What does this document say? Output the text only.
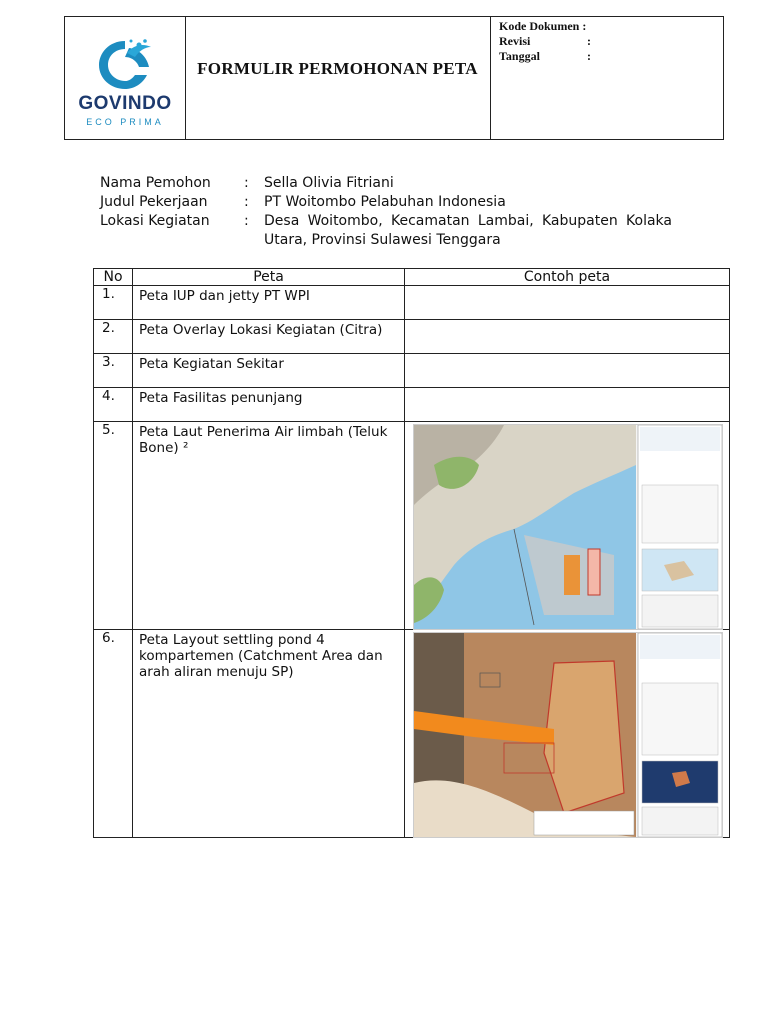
GOVINDO
ECO PRIMA
FORMULIR PERMOHONAN PETA
Kode Dokumen :
Revisi	:
Tanggal	:
Nama Pemohon	:	Sella Olivia Fitriani
Judul Pekerjaan	:	PT Woitombo Pelabuhan Indonesia
Lokasi Kegiatan	:	Desa Woitombo, Kecamatan Lambai, Kabupaten Kolaka Utara, Provinsi Sulawesi Tenggara
No	Peta	Contoh peta
1.	Peta IUP dan jetty PT WPI	
2.	Peta Overlay Lokasi Kegiatan (Citra)	
3.	Peta Kegiatan Sekitar	
4.	Peta Fasilitas penunjang	
5.	Peta Laut Penerima Air limbah (Teluk Bone) ²	

6.	Peta Layout settling pond 4 kompartemen (Catchment Area dan arah aliran menuju SP)	
